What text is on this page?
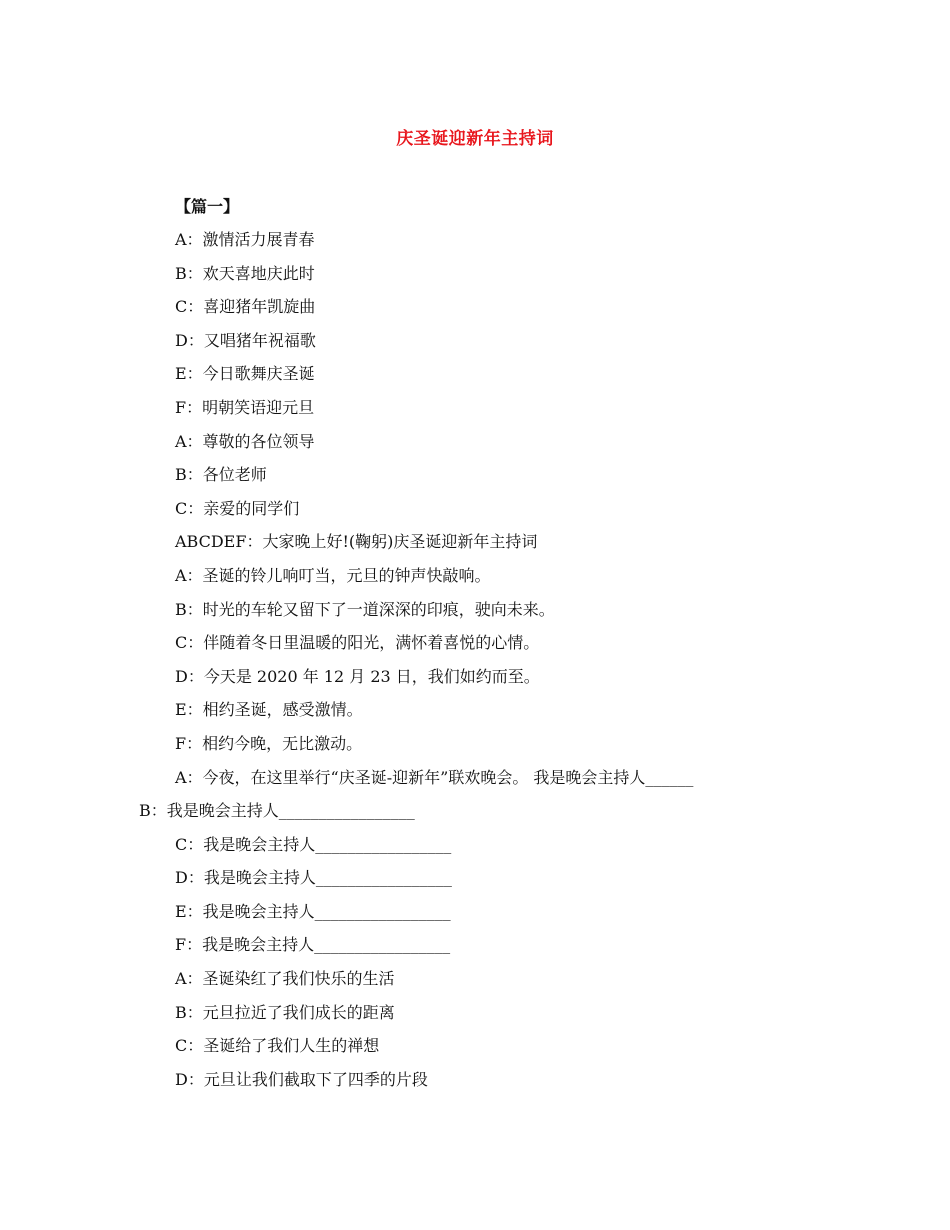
庆圣诞迎新年主持词
【篇一】
A：激情活力展青春
B：欢天喜地庆此时
C：喜迎猪年凯旋曲
D：又唱猪年祝福歌
E：今日歌舞庆圣诞
F：明朝笑语迎元旦
A：尊敬的各位领导
B：各位老师
C：亲爱的同学们
ABCDEF：大家晚上好!(鞠躬)庆圣诞迎新年主持词
A：圣诞的铃儿响叮当，元旦的钟声快敲响。
B：时光的车轮又留下了一道深深的印痕，驶向未来。
C：伴随着冬日里温暖的阳光，满怀着喜悦的心情。
D：今天是 2020 年 12 月 23 日，我们如约而至。
E：相约圣诞，感受激情。
F：相约今晚，无比激动。
A：今夜，在这里举行“庆圣诞-迎新年”联欢晚会。 我是晚会主持人______
B：我是晚会主持人_________________
C：我是晚会主持人_________________
D：我是晚会主持人_________________
E：我是晚会主持人_________________
F：我是晚会主持人_________________
A：圣诞染红了我们快乐的生活
B：元旦拉近了我们成长的距离
C：圣诞给了我们人生的禅想
D：元旦让我们截取下了四季的片段
